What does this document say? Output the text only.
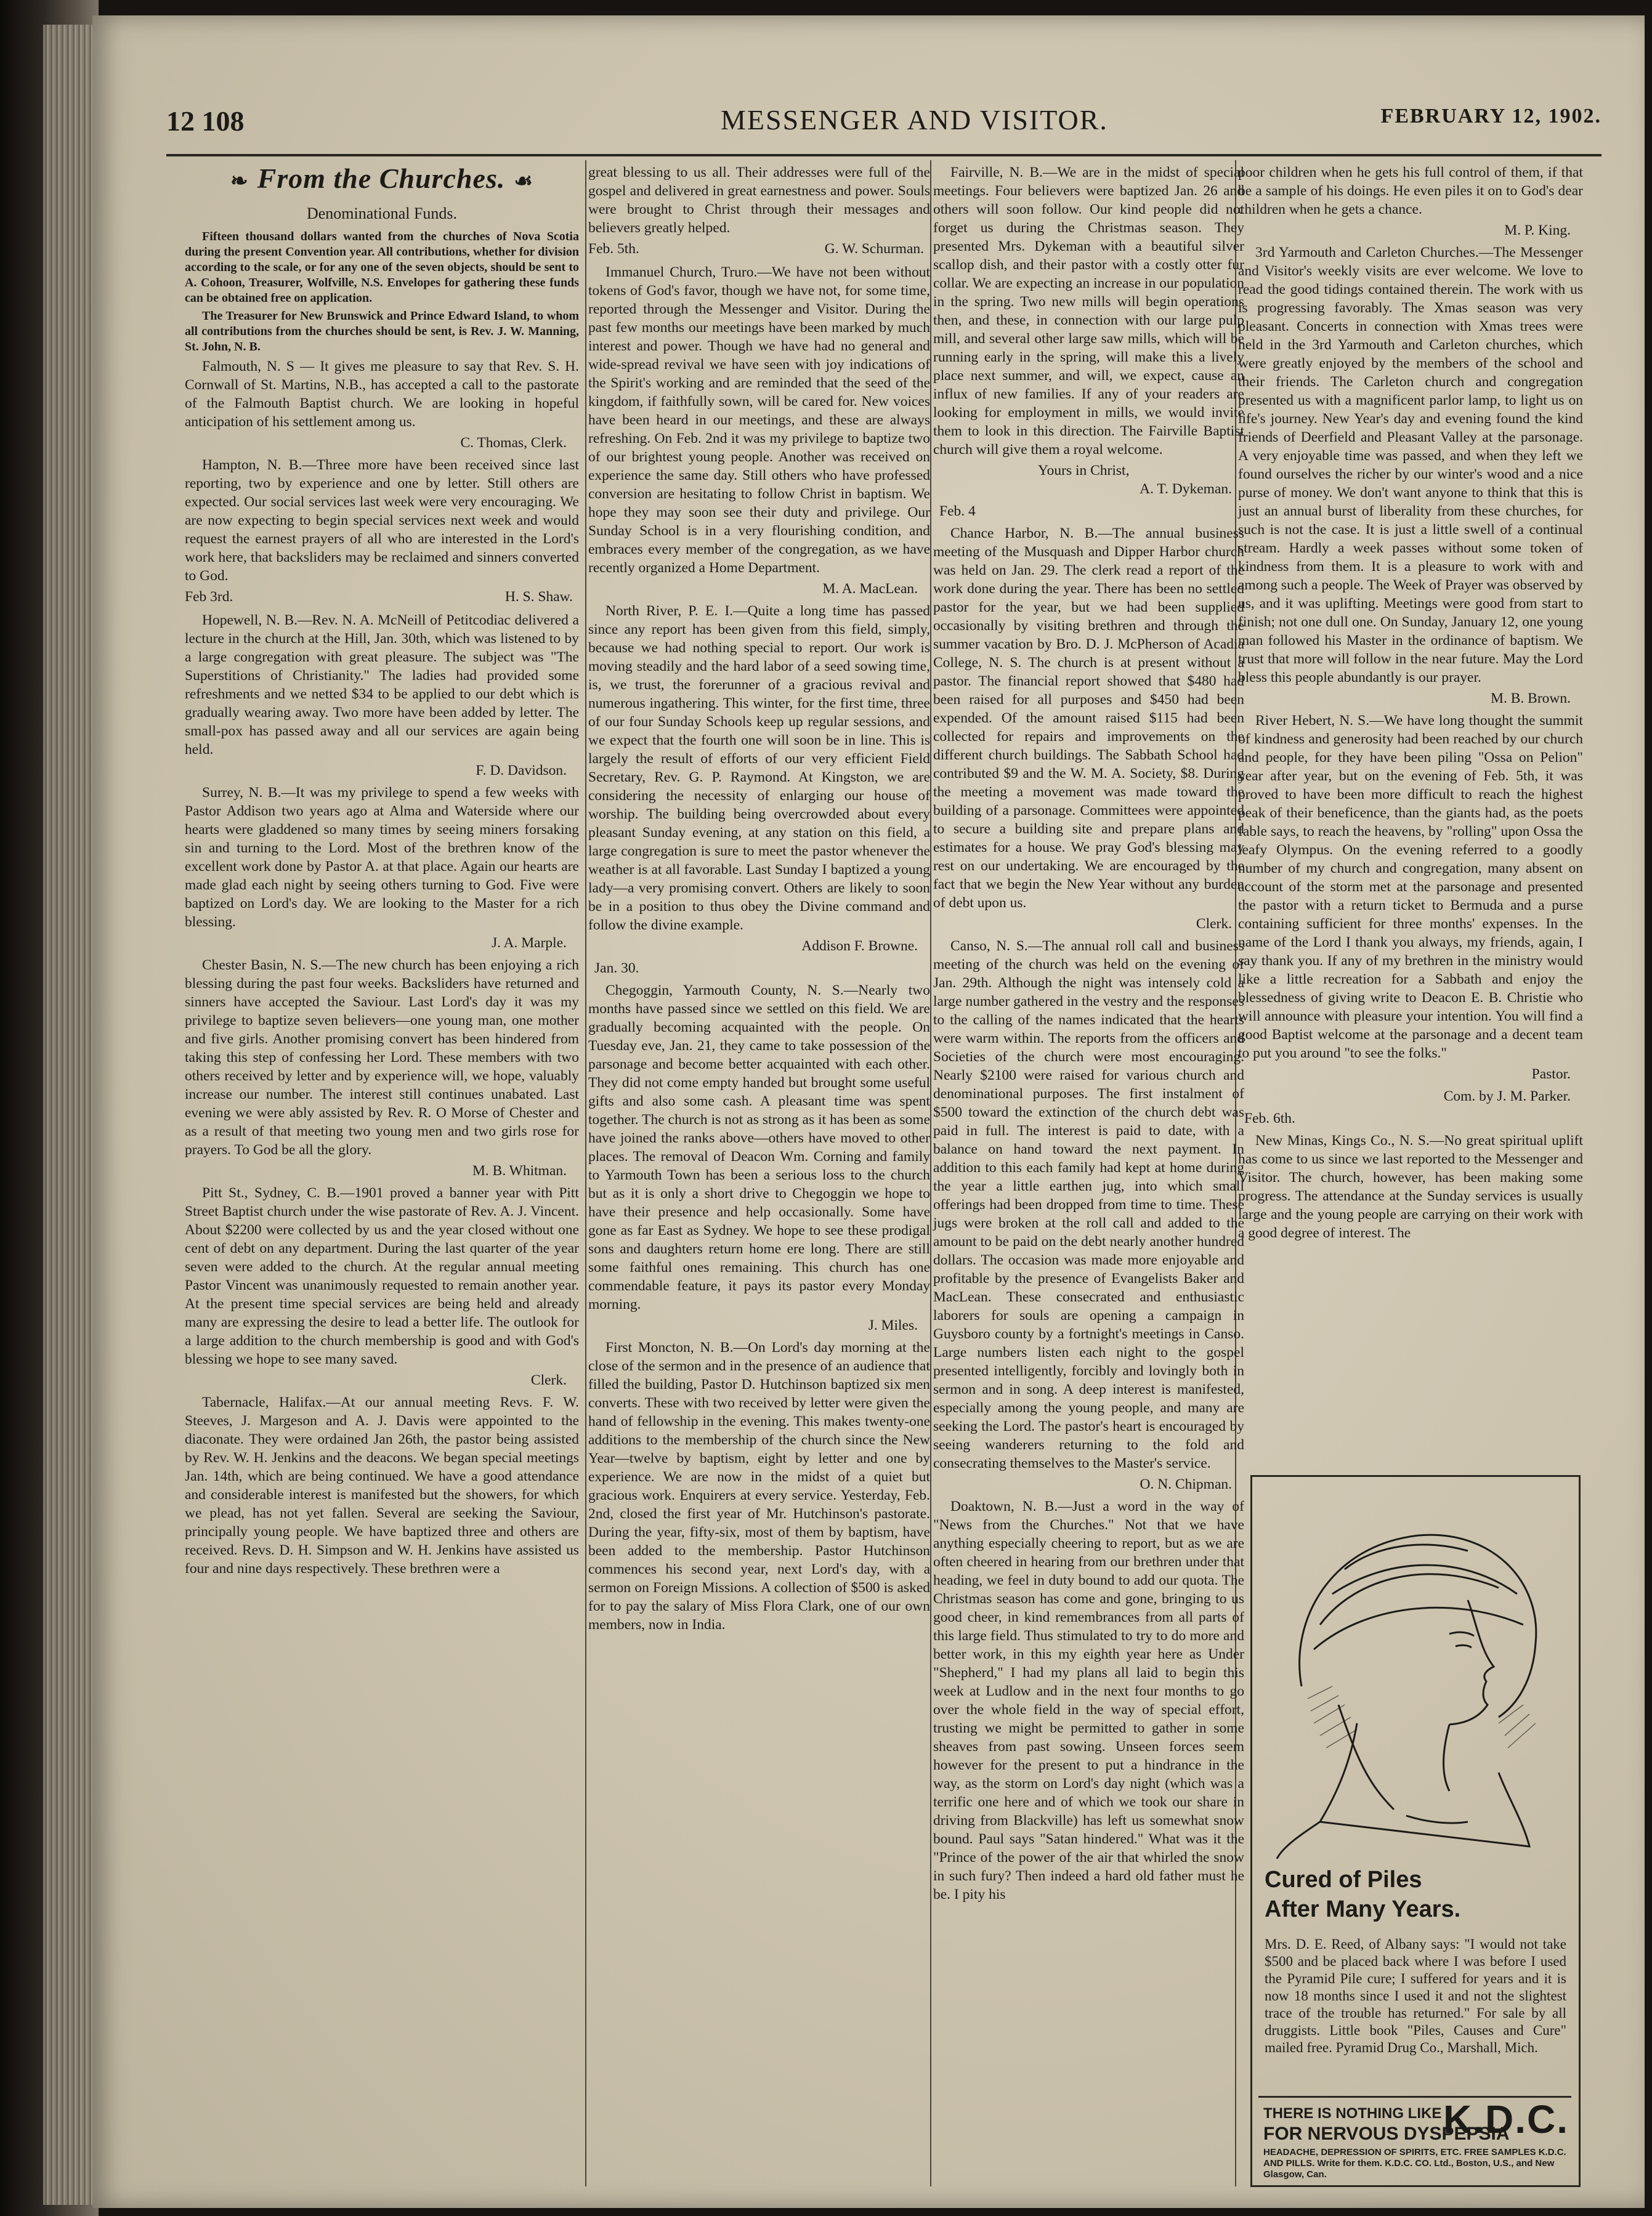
12 108	MESSENGER AND VISITOR.	FEBRUARY 12, 1902.
❧ From the Churches. ☙
Denominational Funds.

Fifteen thousand dollars wanted from the churches of Nova Scotia during the present Convention year. All contributions, whether for division according to the scale, or for any one of the seven objects, should be sent to A. Cohoon, Treasurer, Wolfville, N.S. Envelopes for gathering these funds can be obtained free on application.

The Treasurer for New Brunswick and Prince Edward Island, to whom all contributions from the churches should be sent, is Rev. J. W. Manning, St. John, N. B.

Falmouth, N. S — It gives me pleasure to say that Rev. S. H. Cornwall of St. Martins, N.B., has accepted a call to the pastorate of the Falmouth Baptist church. We are looking in hopeful anticipation of his settlement among us.

C. Thomas, Clerk.

Hampton, N. B.—Three more have been received since last reporting, two by experience and one by letter. Still others are expected. Our social services last week were very encouraging. We are now expecting to begin special services next week and would request the earnest prayers of all who are interested in the Lord's work here, that backsliders may be reclaimed and sinners converted to God.

Feb 3rd.	H. S. Shaw.

Hopewell, N. B.—Rev. N. A. McNeill of Petitcodiac delivered a lecture in the church at the Hill, Jan. 30th, which was listened to by a large congregation with great pleasure. The subject was "The Superstitions of Christianity." The ladies had provided some refreshments and we netted $34 to be applied to our debt which is gradually wearing away. Two more have been added by letter. The small-pox has passed away and all our services are again being held.

F. D. Davidson.

Surrey, N. B.—It was my privilege to spend a few weeks with Pastor Addison two years ago at Alma and Waterside where our hearts were gladdened so many times by seeing miners forsaking sin and turning to the Lord. Most of the brethren know of the excellent work done by Pastor A. at that place. Again our hearts are made glad each night by seeing others turning to God. Five were baptized on Lord's day. We are looking to the Master for a rich blessing.

J. A. Marple.

Chester Basin, N. S.—The new church has been enjoying a rich blessing during the past four weeks. Backsliders have returned and sinners have accepted the Saviour. Last Lord's day it was my privilege to baptize seven believers—one young man, one mother and five girls. Another promising convert has been hindered from taking this step of confessing her Lord. These members with two others received by letter and by experience will, we hope, valuably increase our number. The interest still continues unabated. Last evening we were ably assisted by Rev. R. O Morse of Chester and as a result of that meeting two young men and two girls rose for prayers. To God be all the glory.

M. B. Whitman.

Pitt St., Sydney, C. B.—1901 proved a banner year with Pitt Street Baptist church under the wise pastorate of Rev. A. J. Vincent. About $2200 were collected by us and the year closed without one cent of debt on any department. During the last quarter of the year seven were added to the church. At the regular annual meeting Pastor Vincent was unanimously requested to remain another year. At the present time special services are being held and already many are expressing the desire to lead a better life. The outlook for a large addition to the church membership is good and with God's blessing we hope to see many saved.

Clerk.

Tabernacle, Halifax.—At our annual meeting Revs. F. W. Steeves, J. Margeson and A. J. Davis were appointed to the diaconate. They were ordained Jan 26th, the pastor being assisted by Rev. W. H. Jenkins and the deacons. We began special meetings Jan. 14th, which are being continued. We have a good attendance and considerable interest is manifested but the showers, for which we plead, has not yet fallen. Several are seeking the Saviour, principally young people. We have baptized three and others are received. Revs. D. H. Simpson and W. H. Jenkins have assisted us four and nine days respectively. These brethren were a

great blessing to us all. Their addresses were full of the gospel and delivered in great earnestness and power. Souls were brought to Christ through their messages and believers greatly helped.

Feb. 5th.	G. W. Schurman.

Immanuel Church, Truro.—We have not been without tokens of God's favor, though we have not, for some time, reported through the Messenger and Visitor. During the past few months our meetings have been marked by much interest and power. Though we have had no general and wide-spread revival we have seen with joy indications of the Spirit's working and are reminded that the seed of the kingdom, if faithfully sown, will be cared for. New voices have been heard in our meetings, and these are always refreshing. On Feb. 2nd it was my privilege to baptize two of our brightest young people. Another was received on experience the same day. Still others who have professed conversion are hesitating to follow Christ in baptism. We hope they may soon see their duty and privilege. Our Sunday School is in a very flourishing condition, and embraces every member of the congregation, as we have recently organized a Home Department.

M. A. MacLean.

North River, P. E. I.—Quite a long time has passed since any report has been given from this field, simply, because we had nothing special to report. Our work is moving steadily and the hard labor of a seed sowing time, is, we trust, the forerunner of a gracious revival and numerous ingathering. This winter, for the first time, three of our four Sunday Schools keep up regular sessions, and we expect that the fourth one will soon be in line. This is largely the result of efforts of our very efficient Field Secretary, Rev. G. P. Raymond. At Kingston, we are considering the necessity of enlarging our house of worship. The building being overcrowded about every pleasant Sunday evening, at any station on this field, a large congregation is sure to meet the pastor whenever the weather is at all favorable. Last Sunday I baptized a young lady—a very promising convert. Others are likely to soon be in a position to thus obey the Divine command and follow the divine example.

Addison F. Browne.
Jan. 30.

Chegoggin, Yarmouth County, N. S.—Nearly two months have passed since we settled on this field. We are gradually becoming acquainted with the people. On Tuesday eve, Jan. 21, they came to take possession of the parsonage and become better acquainted with each other. They did not come empty handed but brought some useful gifts and also some cash. A pleasant time was spent together. The church is not as strong as it has been as some have joined the ranks above—others have moved to other places. The removal of Deacon Wm. Corning and family to Yarmouth Town has been a serious loss to the church but as it is only a short drive to Chegoggin we hope to have their presence and help occasionally. Some have gone as far East as Sydney. We hope to see these prodigal sons and daughters return home ere long. There are still some faithful ones remaining. This church has one commendable feature, it pays its pastor every Monday morning.

J. Miles.

First Moncton, N. B.—On Lord's day morning at the close of the sermon and in the presence of an audience that filled the building, Pastor D. Hutchinson baptized six men converts. These with two received by letter were given the hand of fellowship in the evening. This makes twenty-one additions to the membership of the church since the New Year—twelve by baptism, eight by letter and one by experience. We are now in the midst of a quiet but gracious work. Enquirers at every service. Yesterday, Feb. 2nd, closed the first year of Mr. Hutchinson's pastorate. During the year, fifty-six, most of them by baptism, have been added to the membership. Pastor Hutchinson commences his second year, next Lord's day, with a sermon on Foreign Missions. A collection of $500 is asked for to pay the salary of Miss Flora Clark, one of our own members, now in India.

Fairville, N. B.—We are in the midst of special meetings. Four believers were baptized Jan. 26 and others will soon follow. Our kind people did not forget us during the Christmas season. They presented Mrs. Dykeman with a beautiful silver scallop dish, and their pastor with a costly otter fur collar. We are expecting an increase in our population in the spring. Two new mills will begin operations then, and these, in connection with our large pulp mill, and several other large saw mills, which will be running early in the spring, will make this a lively place next summer, and will, we expect, cause an influx of new families. If any of your readers are looking for employment in mills, we would invite them to look in this direction. The Fairville Baptist church will give them a royal welcome.

Yours in Christ,
A. T. Dykeman.
Feb. 4

Chance Harbor, N. B.—The annual business meeting of the Musquash and Dipper Harbor church was held on Jan. 29. The clerk read a report of the work done during the year. There has been no settled pastor for the year, but we had been supplied occasionally by visiting brethren and through the summer vacation by Bro. D. J. McPherson of Acadia College, N. S. The church is at present without a pastor. The financial report showed that $480 had been raised for all purposes and $450 had been expended. Of the amount raised $115 had been collected for repairs and improvements on the different church buildings. The Sabbath School had contributed $9 and the W. M. A. Society, $8. During the meeting a movement was made toward the building of a parsonage. Committees were appointed to secure a building site and prepare plans and estimates for a house. We pray God's blessing may rest on our undertaking. We are encouraged by the fact that we begin the New Year without any burden of debt upon us.

Clerk.

Canso, N. S.—The annual roll call and business meeting of the church was held on the evening of Jan. 29th. Although the night was intensely cold a large number gathered in the vestry and the responses to the calling of the names indicated that the hearts were warm within. The reports from the officers and Societies of the church were most encouraging. Nearly $2100 were raised for various church and denominational purposes. The first instalment of $500 toward the extinction of the church debt was paid in full. The interest is paid to date, with a balance on hand toward the next payment. In addition to this each family had kept at home during the year a little earthen jug, into which small offerings had been dropped from time to time. These jugs were broken at the roll call and added to the amount to be paid on the debt nearly another hundred dollars. The occasion was made more enjoyable and profitable by the presence of Evangelists Baker and MacLean. These consecrated and enthusiastic laborers for souls are opening a campaign in Guysboro county by a fortnight's meetings in Canso. Large numbers listen each night to the gospel presented intelligently, forcibly and lovingly both in sermon and in song. A deep interest is manifested, especially among the young people, and many are seeking the Lord. The pastor's heart is encouraged by seeing wanderers returning to the fold and consecrating themselves to the Master's service.

O. N. Chipman.

Doaktown, N. B.—Just a word in the way of "News from the Churches." Not that we have anything especially cheering to report, but as we are often cheered in hearing from our brethren under that heading, we feel in duty bound to add our quota. The Christmas season has come and gone, bringing to us good cheer, in kind remembrances from all parts of this large field. Thus stimulated to try to do more and better work, in this my eighth year here as Under "Shepherd," I had my plans all laid to begin this week at Ludlow and in the next four months to go over the whole field in the way of special effort, trusting we might be permitted to gather in some sheaves from past sowing. Unseen forces seem however for the present to put a hindrance in the way, as the storm on Lord's day night (which was a terrific one here and of which we took our share in driving from Blackville) has left us somewhat snow bound. Paul says "Satan hindered." What was it the "Prince of the power of the air that whirled the snow in such fury? Then indeed a hard old father must he be. I pity his

poor children when he gets his full control of them, if that be a sample of his doings. He even piles it on to God's dear children when he gets a chance.

M. P. King.

3rd Yarmouth and Carleton Churches.—The Messenger and Visitor's weekly visits are ever welcome. We love to read the good tidings contained therein. The work with us is progressing favorably. The Xmas season was very pleasant. Concerts in connection with Xmas trees were held in the 3rd Yarmouth and Carleton churches, which were greatly enjoyed by the members of the school and their friends. The Carleton church and congregation presented us with a magnificent parlor lamp, to light us on life's journey. New Year's day and evening found the kind friends of Deerfield and Pleasant Valley at the parsonage. A very enjoyable time was passed, and when they left we found ourselves the richer by our winter's wood and a nice purse of money. We don't want anyone to think that this is just an annual burst of liberality from these churches, for such is not the case. It is just a little swell of a continual stream. Hardly a week passes without some token of kindness from them. It is a pleasure to work with and among such a people. The Week of Prayer was observed by us, and it was uplifting. Meetings were good from start to finish; not one dull one. On Sunday, January 12, one young man followed his Master in the ordinance of baptism. We trust that more will follow in the near future. May the Lord bless this people abundantly is our prayer.

M. B. Brown.

River Hebert, N. S.—We have long thought the summit of kindness and generosity had been reached by our church and people, for they have been piling "Ossa on Pelion" year after year, but on the evening of Feb. 5th, it was proved to have been more difficult to reach the highest peak of their beneficence, than the giants had, as the poets fable says, to reach the heavens, by "rolling" upon Ossa the leafy Olympus. On the evening referred to a goodly number of my church and congregation, many absent on account of the storm met at the parsonage and presented the pastor with a return ticket to Bermuda and a purse containing sufficient for three months' expenses. In the name of the Lord I thank you always, my friends, again, I say thank you. If any of my brethren in the ministry would like a little recreation for a Sabbath and enjoy the blessedness of giving write to Deacon E. B. Christie who will announce with pleasure your intention. You will find a good Baptist welcome at the parsonage and a decent team to put you around "to see the folks."

Pastor.
Com. by J. M. Parker.
Feb. 6th.

New Minas, Kings Co., N. S.—No great spiritual uplift has come to us since we last reported to the Messenger and Visitor. The church, however, has been making some progress. The attendance at the Sunday services is usually large and the young people are carrying on their work with a good degree of interest. The

Cured of Piles
After Many Years.
Mrs. D. E. Reed, of Albany says: "I would not take $500 and be placed back where I was before I used the Pyramid Pile cure; I suffered for years and it is now 18 months since I used it and not the slightest trace of the trouble has returned." For sale by all druggists. Little book "Piles, Causes and Cure" mailed free. Pyramid Drug Co., Marshall, Mich.
THERE IS NOTHING LIKE K.D.C.
FOR NERVOUS DYSPEPSIA
HEADACHE, DEPRESSION OF SPIRITS, ETC. FREE SAMPLES K.D.C. AND PILLS. Write for them. K.D.C. CO. Ltd., Boston, U.S., and New Glasgow, Can.
